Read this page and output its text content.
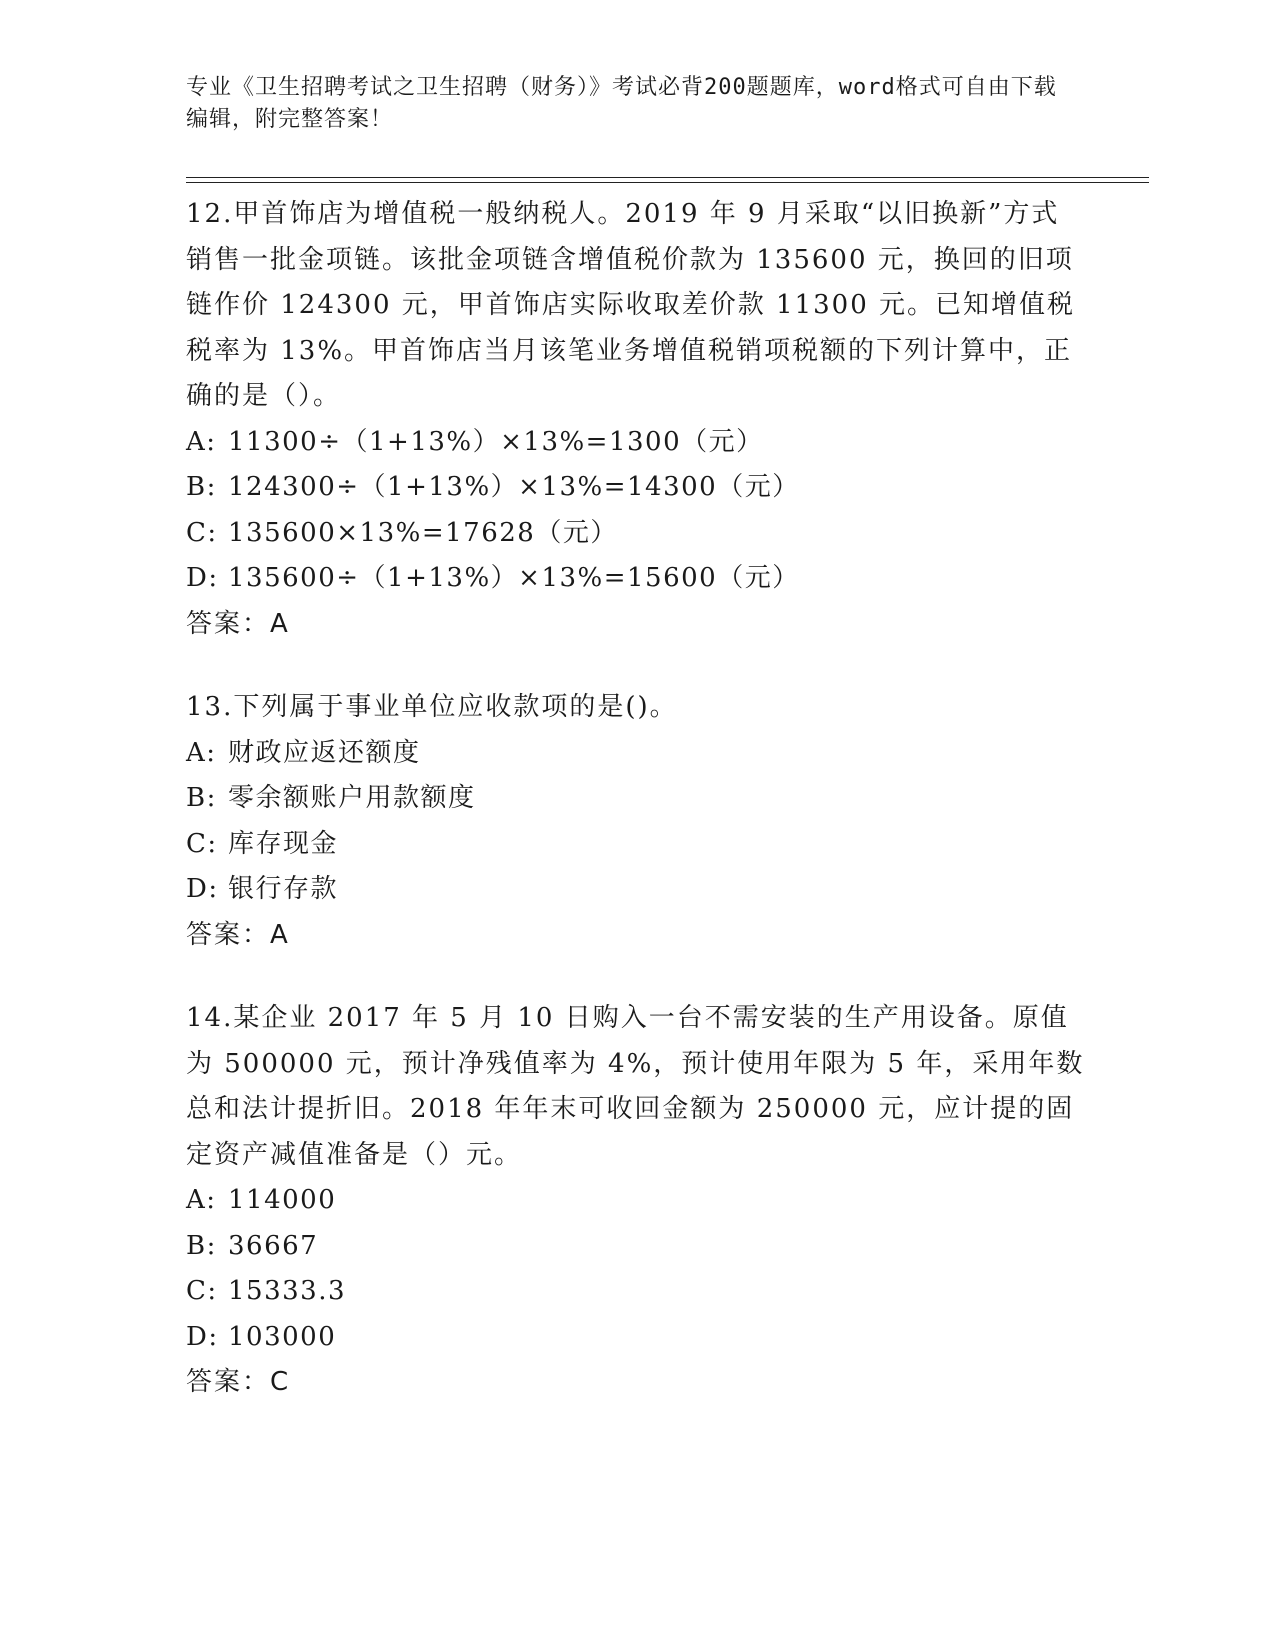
专业《卫生招聘考试之卫生招聘（财务）》考试必背200题题库，word格式可自由下载编辑，附完整答案！

12.甲首饰店为增值税一般纳税人。2019 年 9 月采取“以旧换新”方式销售一批金项链。该批金项链含增值税价款为 135600 元，换回的旧项链作价 124300 元，甲首饰店实际收取差价款 11300 元。已知增值税税率为 13%。甲首饰店当月该笔业务增值税销项税额的下列计算中，正确的是（）。

A: 11300÷（1+13%）×13%=1300（元）

B: 124300÷（1+13%）×13%=14300（元）

C: 135600×13%=17628（元）

D: 135600÷（1+13%）×13%=15600（元）

答案：A

13.下列属于事业单位应收款项的是()。

A: 财政应返还额度

B: 零余额账户用款额度

C: 库存现金

D: 银行存款

答案：A

14.某企业 2017 年 5 月 10 日购入一台不需安装的生产用设备。原值为 500000 元，预计净残值率为 4%，预计使用年限为 5 年，采用年数总和法计提折旧。2018 年年末可收回金额为 250000 元，应计提的固定资产减值准备是（）元。

A: 114000

B: 36667

C: 15333.3

D: 103000

答案：C
